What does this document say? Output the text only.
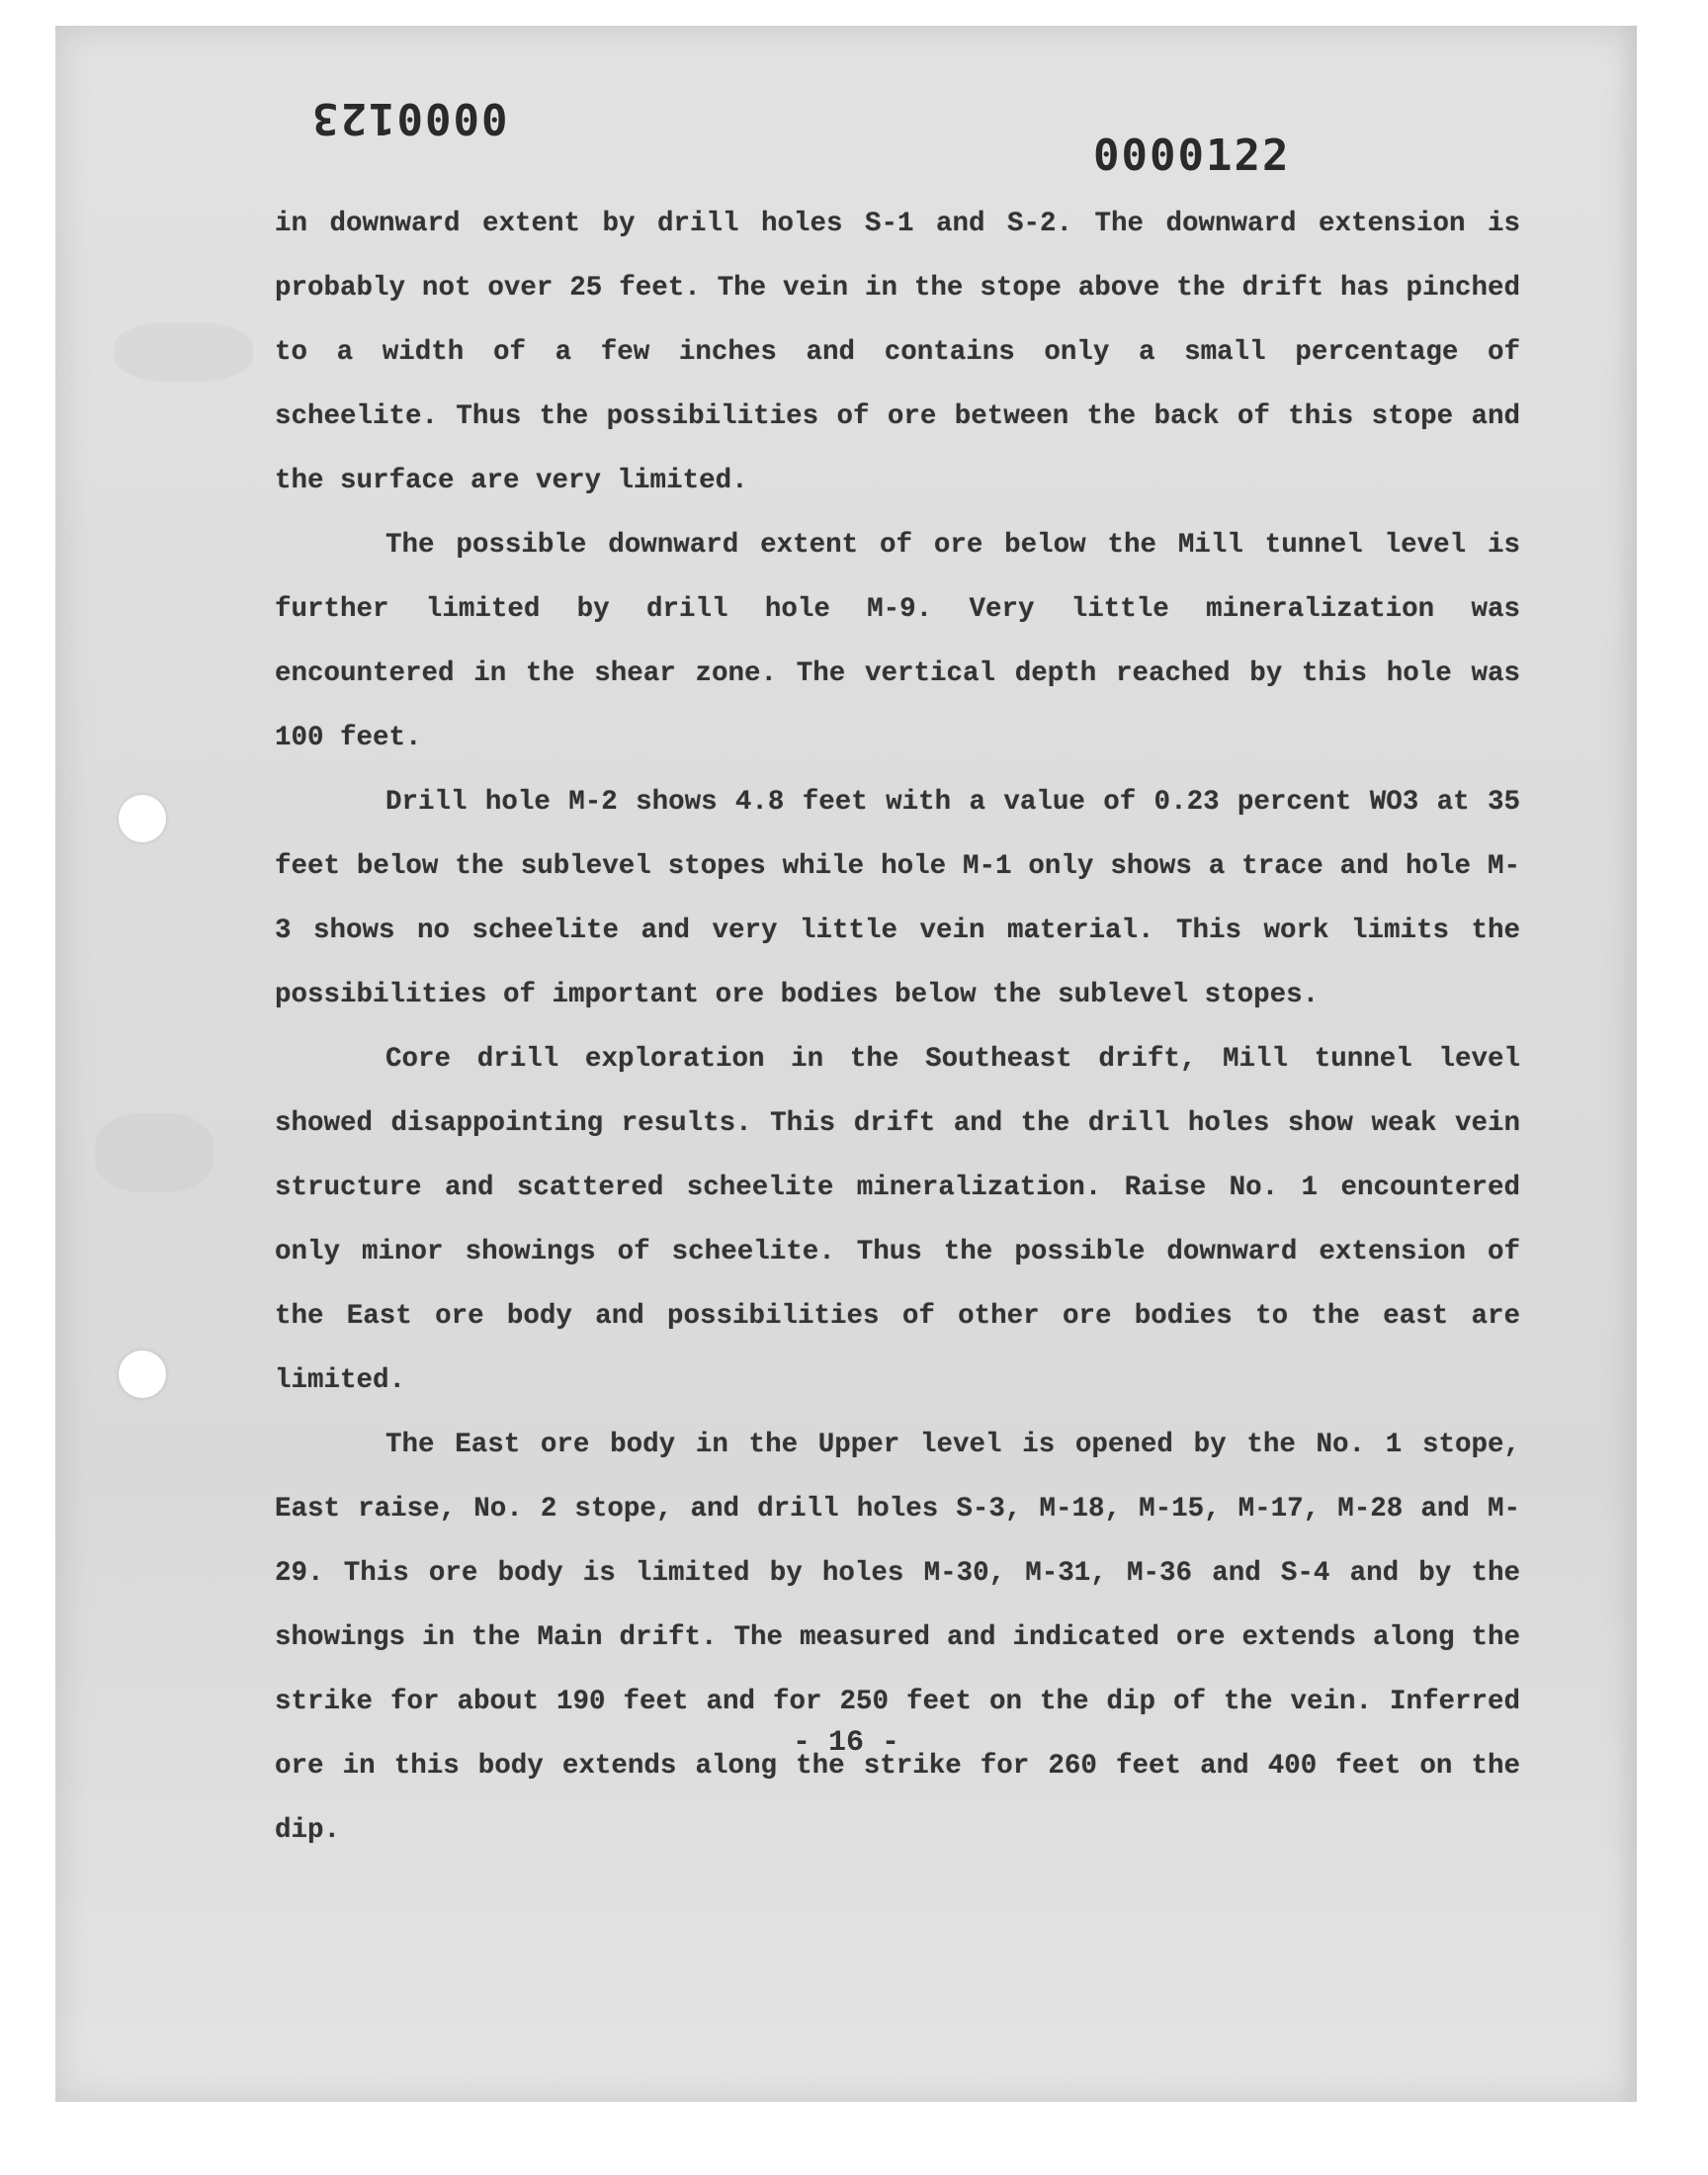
0000123
0000122

in downward extent by drill holes S-1 and S-2. The downward extension is probably not over 25 feet. The vein in the stope above the drift has pinched to a width of a few inches and contains only a small percentage of scheelite. Thus the possibilities of ore between the back of this stope and the surface are very limited.

The possible downward extent of ore below the Mill tunnel level is further limited by drill hole M-9. Very little mineralization was encountered in the shear zone. The vertical depth reached by this hole was 100 feet.

Drill hole M-2 shows 4.8 feet with a value of 0.23 percent WO3 at 35 feet below the sublevel stopes while hole M-1 only shows a trace and hole M-3 shows no scheelite and very little vein material. This work limits the possibilities of important ore bodies below the sublevel stopes.

Core drill exploration in the Southeast drift, Mill tunnel level showed disappointing results. This drift and the drill holes show weak vein structure and scattered scheelite mineralization. Raise No. 1 encountered only minor showings of scheelite. Thus the possible downward extension of the East ore body and possibilities of other ore bodies to the east are limited.

The East ore body in the Upper level is opened by the No. 1 stope, East raise, No. 2 stope, and drill holes S-3, M-18, M-15, M-17, M-28 and M-29. This ore body is limited by holes M-30, M-31, M-36 and S-4 and by the showings in the Main drift. The measured and indicated ore extends along the strike for about 190 feet and for 250 feet on the dip of the vein. Inferred ore in this body extends along the strike for 260 feet and 400 feet on the dip.

- 16 -
